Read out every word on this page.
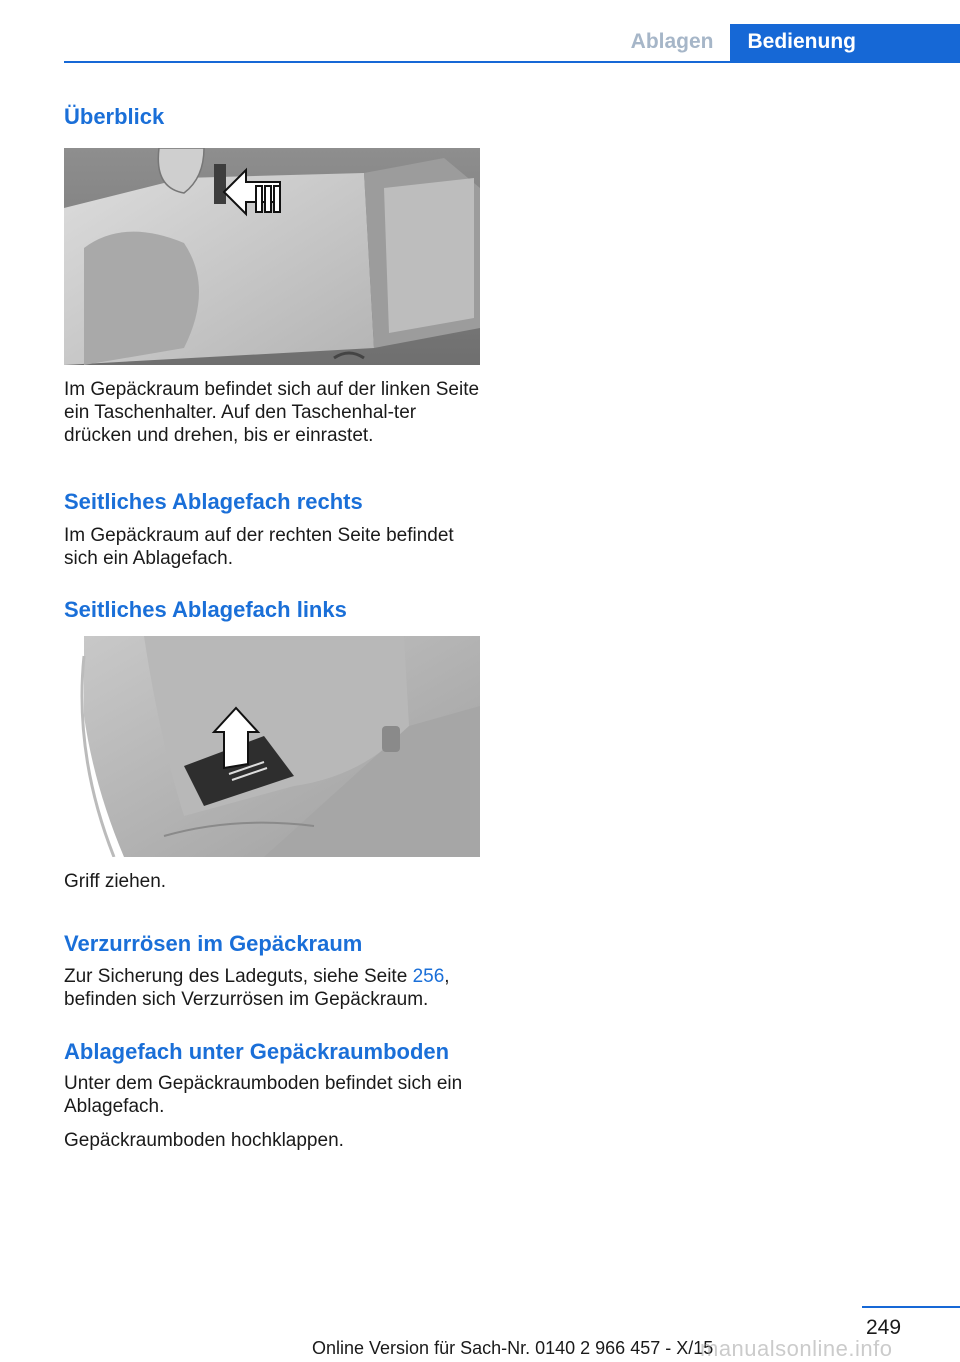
Ablagen	Bedienung
Überblick

Im Gepäckraum befindet sich auf der linken Seite ein Taschenhalter. Auf den Taschenhal‐ter drücken und drehen, bis er einrastet.

Seitliches Ablagefach rechts

Im Gepäckraum auf der rechten Seite befindet sich ein Ablagefach.

Seitliches Ablagefach links

Griff ziehen.

Verzurrösen im Gepäckraum

Zur Sicherung des Ladeguts, siehe Seite 256, befinden sich Verzurrösen im Gepäckraum.

Ablagefach unter Gepäckraumboden

Unter dem Gepäckraumboden befindet sich ein Ablagefach.

Gepäckraumboden hochklappen.

249
Online Version für Sach-Nr. 0140 2 966 457 - X/15
manualsonline.info
